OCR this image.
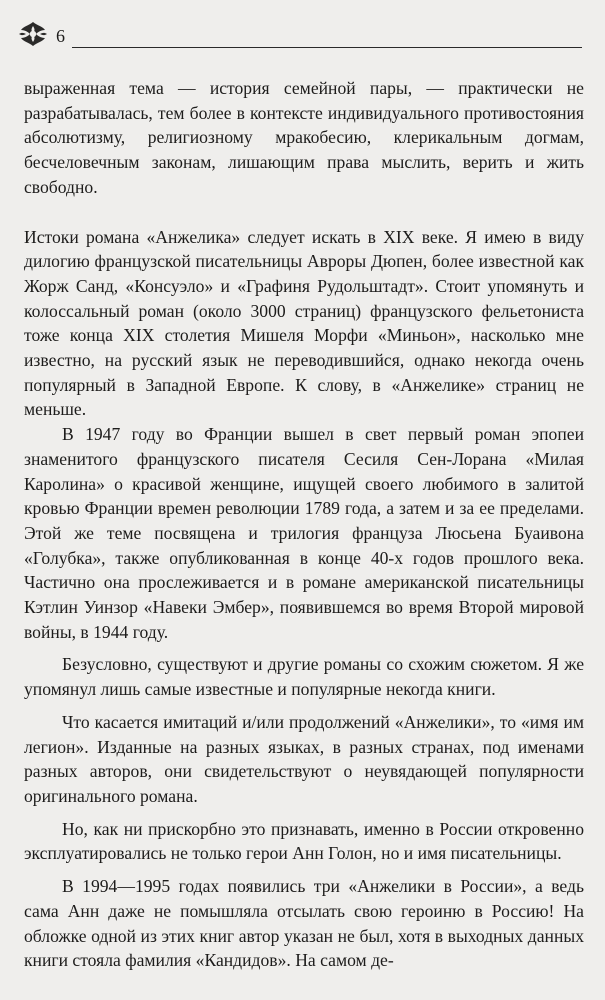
6

выраженная тема — история семейной пары, — практически не разрабатывалась, тем более в контексте индивидуального противостояния абсолютизму, религиозному мракобесию, клерикальным догмам, бесчеловечным законам, лишающим права мыслить, верить и жить свободно.

Истоки романа «Анжелика» следует искать в XIX веке. Я имею в виду дилогию французской писательницы Авроры Дюпен, более известной как Жорж Санд, «Консуэло» и «Графиня Рудольштадт». Стоит упомянуть и колоссальный роман (около 3000 страниц) французского фельетониста тоже конца XIX столетия Мишеля Морфи «Миньон», насколько мне известно, на русский язык не переводившийся, однако некогда очень популярный в Западной Европе. К слову, в «Анжелике» страниц не меньше.

В 1947 году во Франции вышел в свет первый роман эпопеи знаменитого французского писателя Сесиля Сен-Лорана «Милая Каролина» о красивой женщине, ищущей своего любимого в залитой кровью Франции времен революции 1789 года, а затем и за ее пределами. Этой же теме посвящена и трилогия француза Люсьена Буаивона «Голубка», также опубликованная в конце 40-х годов прошлого века. Частично она прослеживается и в романе американской писательницы Кэтлин Уинзор «Навеки Эмбер», появившемся во время Второй мировой войны, в 1944 году.

Безусловно, существуют и другие романы со схожим сюжетом. Я же упомянул лишь самые известные и популярные некогда книги.

Что касается имитаций и/или продолжений «Анжелики», то «имя им легион». Изданные на разных языках, в разных странах, под именами разных авторов, они свидетельствуют о неувядающей популярности оригинального романа.

Но, как ни прискорбно это признавать, именно в России откровенно эксплуатировались не только герои Анн Голон, но и имя писательницы.

В 1994—1995 годах появились три «Анжелики в России», а ведь сама Анн даже не помышляла отсылать свою героиню в Россию! На обложке одной из этих книг автор указан не был, хотя в выходных данных книги стояла фамилия «Кандидов». На самом де-
